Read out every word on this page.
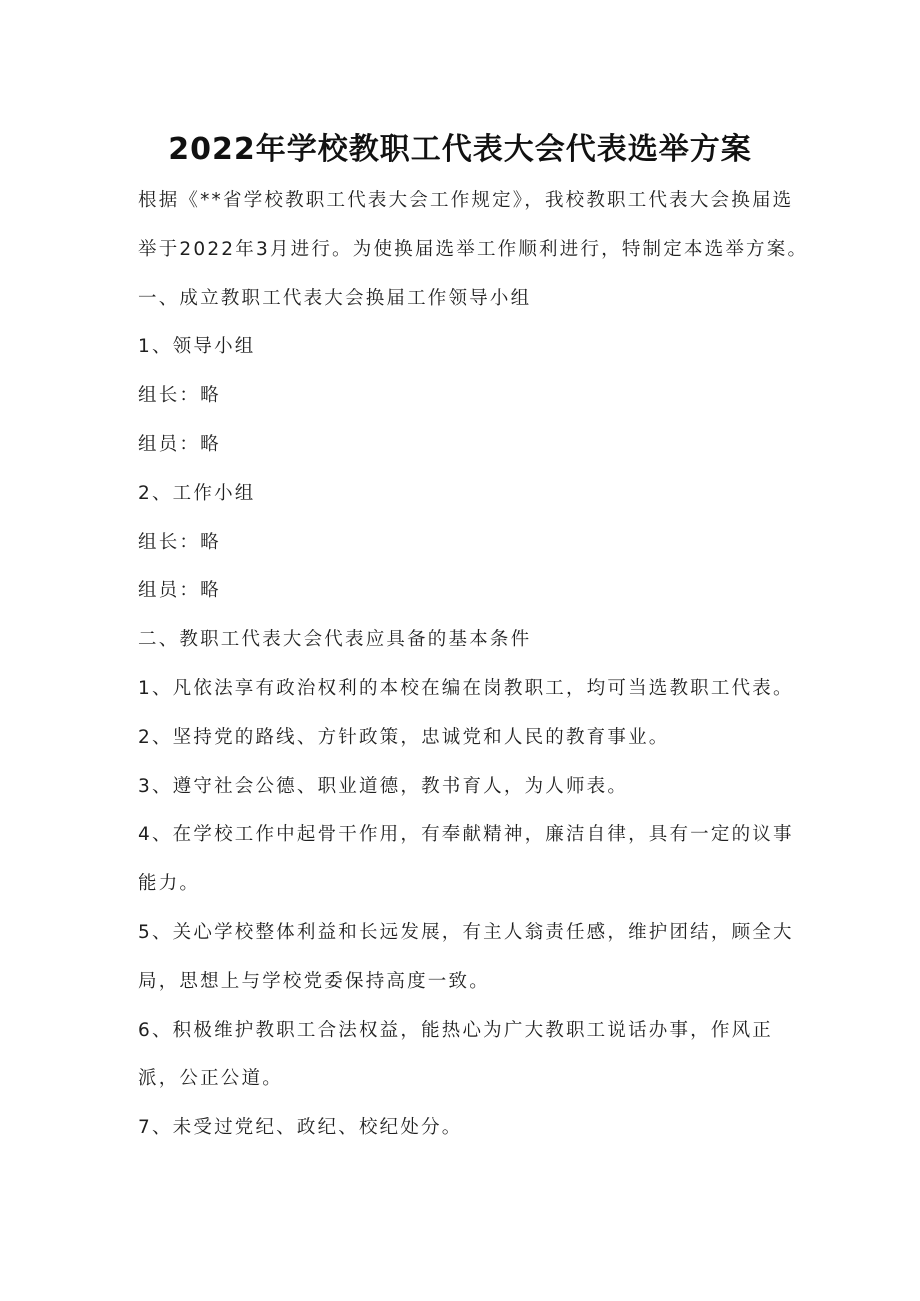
2022年学校教职工代表大会代表选举方案
根据《**省学校教职工代表大会工作规定》，我校教职工代表大会换届选
举于2022年3月进行。为使换届选举工作顺利进行，特制定本选举方案。
一、成立教职工代表大会换届工作领导小组
1、领导小组
组长：略
组员：略
2、工作小组
组长：略
组员：略
二、教职工代表大会代表应具备的基本条件
1、凡依法享有政治权利的本校在编在岗教职工，均可当选教职工代表。
2、坚持党的路线、方针政策，忠诚党和人民的教育事业。
3、遵守社会公德、职业道德，教书育人，为人师表。
4、在学校工作中起骨干作用，有奉献精神，廉洁自律，具有一定的议事
能力。
5、关心学校整体利益和长远发展，有主人翁责任感，维护团结，顾全大
局，思想上与学校党委保持高度一致。
6、积极维护教职工合法权益，能热心为广大教职工说话办事，作风正
派，公正公道。
7、未受过党纪、政纪、校纪处分。
